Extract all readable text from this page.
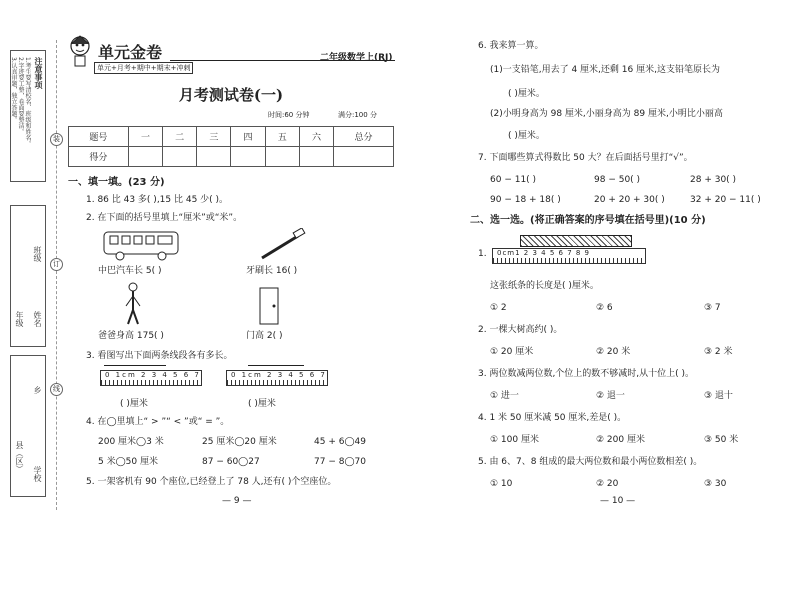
装
订
线
注意事项
1.考生要写清校名、班级和姓名。
2.字迹要工整，卷面要整洁。
3.认真审题，独立答题。
班级
年级 姓名
乡
县（区）
学校
单元金卷
单元+月考+期中+期末+冲刺
二年级数学上(RJ)
月考测试卷(一)
时间:60 分钟	满分:100 分
题号	一	二	三	四	五	六	总分
得分							
一、填一填。(23 分)
1. 86 比 43 多( ),15 比 45 少( )。
2. 在下面的括号里填上“厘米”或“米”。
中巴汽车长 5( )	牙刷长 16( )
爸爸身高 175( )	门高 2( )
3. 看图写出下面两条线段各有多长。
0 1cm 2 3 4 5 6 7	0 1cm 2 3 4 5 6 7
( )厘米	( )厘米
4. 在◯里填上“ > ”“ < ”或“ = ”。
200 厘米◯3 米	25 厘米◯20 厘米	45 + 6◯49
5 米◯50 厘米	87 − 60◯27	77 − 8◯70
5. 一架客机有 90 个座位,已经登上了 78 人,还有( )个空座位。
— 9 —
6. 我来算一算。
(1)一支铅笔,用去了 4 厘米,还剩 16 厘米,这支铅笔原长为
( )厘米。
(2)小明身高为 98 厘米,小丽身高为 89 厘米,小明比小丽高
( )厘米。
7. 下面哪些算式得数比 50 大？在后面括号里打“√”。
60 − 11( )	98 − 50( )	28 + 30( )
90 − 18 + 18( )	20 + 20 + 30( )	32 + 20 − 11( )
二、选一选。(将正确答案的序号填在括号里)(10 分)
1. 0cm1 2 3 4 5 6 7 8 9
这张纸条的长度是( )厘米。
① 2	② 6	③ 7
2. 一棵大树高约( )。
① 20 厘米	② 20 米	③ 2 米
3. 两位数减两位数,个位上的数不够减时,从十位上( )。
① 进一	② 退一	③ 退十
4. 1 米 50 厘米减 50 厘米,差是( )。
① 100 厘米	② 200 厘米	③ 50 米
5. 由 6、7、8 组成的最大两位数和最小两位数相差( )。
① 10	② 20	③ 30
— 10 —
